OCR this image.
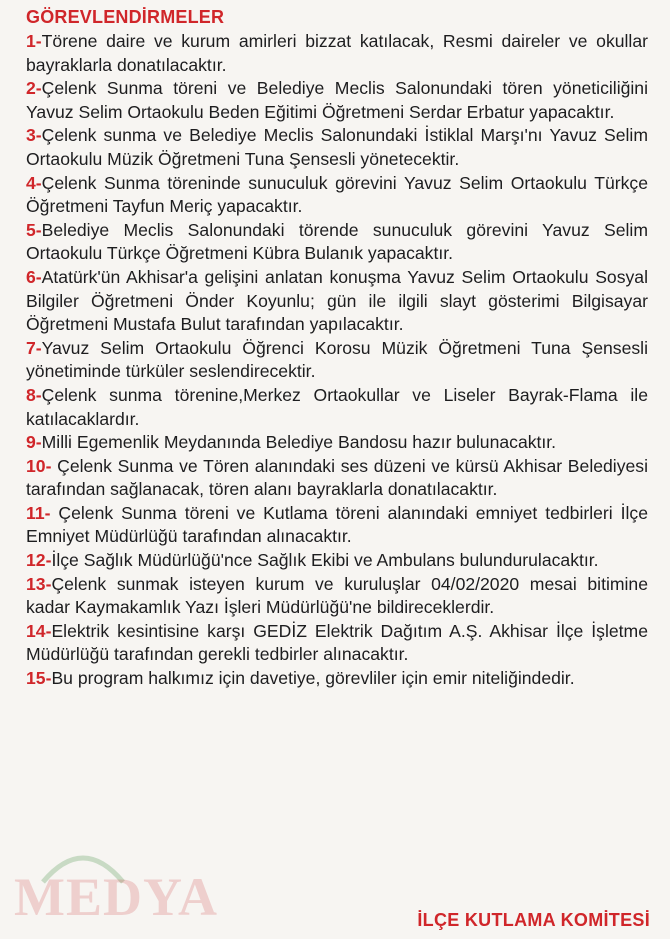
GÖREVLENDİRMELER

1-Törene daire ve kurum amirleri bizzat katılacak, Resmi daireler ve okullar bayraklarla donatılacaktır.

2-Çelenk Sunma töreni ve Belediye Meclis Salonundaki tören yöneticiliğini Yavuz Selim Ortaokulu Beden Eğitimi Öğretmeni Serdar Erbatur yapacaktır.

3-Çelenk sunma ve Belediye Meclis Salonundaki İstiklal Marşı'nı Yavuz Selim Ortaokulu Müzik Öğretmeni Tuna Şensesli yönetecektir.

4-Çelenk Sunma töreninde sunuculuk görevini Yavuz Selim Ortaokulu Türkçe Öğretmeni Tayfun Meriç yapacaktır.

5-Belediye Meclis Salonundaki törende sunuculuk görevini Yavuz Selim Ortaokulu Türkçe Öğretmeni Kübra Bulanık yapacaktır.

6-Atatürk'ün Akhisar'a gelişini anlatan konuşma Yavuz Selim Ortaokulu Sosyal Bilgiler Öğretmeni Önder Koyunlu; gün ile ilgili slayt gösterimi Bilgisayar Öğretmeni Mustafa Bulut tarafından yapılacaktır.

7-Yavuz Selim Ortaokulu Öğrenci Korosu Müzik Öğretmeni Tuna Şensesli yönetiminde türküler seslendirecektir.

8-Çelenk sunma törenine,Merkez Ortaokullar ve Liseler Bayrak-Flama ile katılacaklardır.

9-Milli Egemenlik Meydanında Belediye Bandosu hazır bulunacaktır.

10- Çelenk Sunma ve Tören alanındaki ses düzeni ve kürsü Akhisar Belediyesi tarafından sağlanacak, tören alanı bayraklarla donatılacaktır.

11- Çelenk Sunma töreni ve Kutlama töreni alanındaki emniyet tedbirleri İlçe Emniyet Müdürlüğü tarafından alınacaktır.

12-İlçe Sağlık Müdürlüğü'nce Sağlık Ekibi ve Ambulans bulundurulacaktır.

13-Çelenk sunmak isteyen kurum ve kuruluşlar 04/02/2020 mesai bitimine kadar Kaymakamlık Yazı İşleri Müdürlüğü'ne bildireceklerdir.

14-Elektrik kesintisine karşı GEDİZ Elektrik Dağıtım A.Ş. Akhisar İlçe İşletme Müdürlüğü tarafından gerekli tedbirler alınacaktır.

15-Bu program halkımız için davetiye, görevliler için emir niteliğindedir.

MEDYA	İLÇE KUTLAMA KOMİTESİ
